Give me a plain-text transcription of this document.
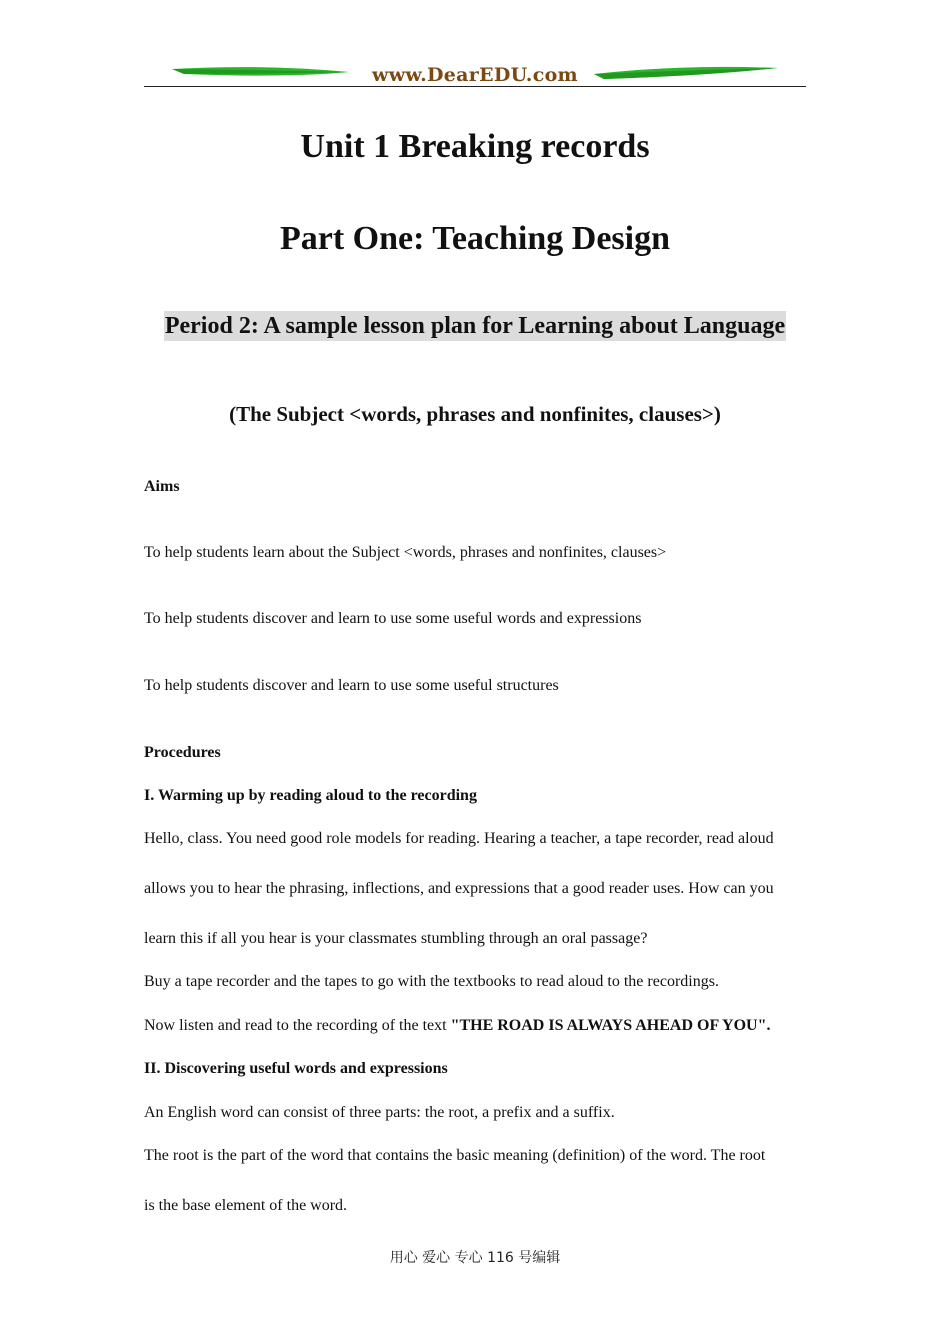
www.DearEDU.com
Unit 1 Breaking records
Part One: Teaching Design
Period 2: A sample lesson plan for Learning about Language
(The Subject <words, phrases and nonfinites, clauses>)
Aims
To help students learn about the Subject <words, phrases and nonfinites, clauses>
To help students discover and learn to use some useful words and expressions
To help students discover and learn to use some useful structures
Procedures
I. Warming up by reading aloud to the recording
Hello, class. You need good role models for reading. Hearing a teacher, a tape recorder, read aloud
allows you to hear the phrasing, inflections, and expressions that a good reader uses. How can you
learn this if all you hear is your classmates stumbling through an oral passage?
Buy a tape recorder and the tapes to go with the textbooks to read aloud to the recordings.
Now listen and read to the recording of the text "THE ROAD IS ALWAYS AHEAD OF YOU".
II. Discovering useful words and expressions
An English word can consist of three parts: the root, a prefix and a suffix.
The root is the part of the word that contains the basic meaning (definition) of the word. The root
is the base element of the word.
用心 爱心 专心 116 号编辑
